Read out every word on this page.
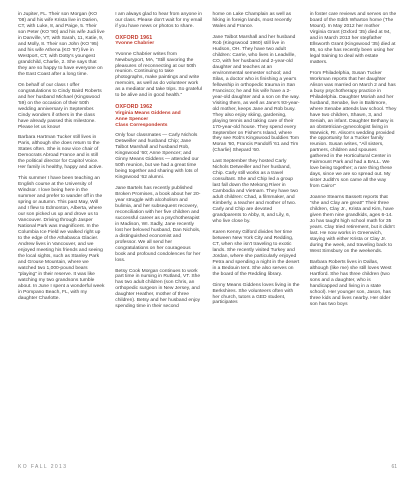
in Jupiter, FL. Their son Morgan (KO '08) and his wife Krista live in Darien, CT, with Luke, 8, and Paige, 5. Their son Peter (KO '90) and his wife Judi live in Danville, VT, with Sarah, 11, Katie, 9, and Molly, 8. Their son John (KO '95) and his wife Athena (KO '97) live in Westport, CT, with Dotty's youngest grandchild, Charlie, 2. She says that they are so happy to have everyone on the East Coast after a long time.

On behalf of our class I offer congratulations to Cindy Baird Roberts and her husband Michael (Kingswood '59) on the occasion of their 50th wedding anniversary in September. Cindy wonders if others in the class have already passed this milestone. Please let us know!

Barbara Hartman Tucker still lives in Paris, although she does return to the States often. She is now vice chair of Democrats Abroad France and is still the political director for Capitol Voice. Her family is healthy, happy and active.

This summer I have been teaching an English course at the University of Windsor. I love being here in the summer and prefer to wander off in the spring or autumn. This past May, Will and I flew to Edmonton, Alberta, where our son picked us up and drove us to Vancouver. Driving through Jasper National Park was magnificent. In the Columbia Ice Field we walked right up to the edge of the Athabasca Glacier. Andrew lives in Vancouver, and we enjoyed meeting his friends and seeing the local sights, such as Stanley Park and Grouse Mountain, where we watched two 1,000-pound bears "playing" in their reserve. It was like watching my two grandsons tumble about. In June I spent a wonderful week in Pompano Beach, FL, with my daughter Charlotte.

I am always glad to hear from anyone in our class. Please don't wait for my email if you have news or photos to share.

OXFORD 1961
Yvonne Chabrier

Yvonne Chabrier writes from Newburyport, MA, "Still savoring the pleasures of reconnecting at our 50th reunion. Continuing to take photographs, make paintings and write memoirs, as well as do volunteer work as a mediator and take trips. So grateful to be alive and in good health."

OXFORD 1962
Virginia Means Giddens and
Anne Spencer
Class Correspondents

Only four classmates — Carly Nichols Detweiller and husband Chip; Jane Talbot Marshall and husband Rob, Kingswood '60; Anne Spencer; and Ginny Means Giddens — attended our 50th reunion, but we had a great time being together and sharing with lots of Kingswood '62 alumni.

Jane Bartels has recently published Broken Promises, a book about her 20-year struggle with alcoholism and bulimia, and her subsequent recovery, reconciliation with her five children and successful career as a psychotherapist in Madison, WI. Sadly, Jane recently lost her beloved husband, Dan Nichols, a distinguished economist and professor. We all send her congratulations on her courageous book and profound condolences for her loss.

Betsy Cook Morgan continues to work part time in nursing in Rutland, VT. She has two adult children (son Chris, an orthopedic surgeon in New Jersey, and daughter Heather, mother of three children). Betsy and her husband enjoy spending time in their second

home on Lake Champlain as well as hiking in foreign lands, most recently Wales and France.

Jane Talbot Marshall and her husband Rob (Kingswood 1960) still live in Hudson, OH. They have two adult children: Carrie, who lives in Leadville, CO, with her husband and 2-year-old daughter and teaches at an environmental semester school; and Silas, a doctor who is finishing a year's fellowship in orthopedic trauma in San Francisco; he and his wife have a 2-year-old daughter and a son on the way. Visiting them, as well as Jane's 93-year-old mother, keeps Jane and Rob busy. They also enjoy skiing, gardening, playing tennis and taking care of their 170-year-old house. They spend every September on Fisher's Island, where they see Rob's Kingswood buddies Tom Moran '60, Francis Pandolfi '61 and Tim (Charlie) Shepard '60.

Last September they hosted Carly Nichols Detweiller and her husband, Chip. Carly still works as a travel consultant. She and Chip led a group last fall down the Mekong River in Cambodia and Vietnam. They have two adult children: Chad, a filmmaker, and Kimberly, a teacher and mother of two. Carly and Chip are devoted grandparents to Abby, 8, and Lily, 6, who live close by.

Karen Kenny Gilford divides her time between New York City and Redding, CT, when she isn't traveling to exotic lands. She recently visited Turkey and Jordan, where she particularly enjoyed Petra and spending a night in the desert in a Bedouin tent. She also serves on the board of the Redding library.

Ginny Means Giddens loves living in the Berkshires. She volunteers often with her church, tutors a GED student, participates

in foster care reviews and serves on the board of the Edith Wharton home (The Mount). In May 2012 her mother Virginia Grant (Oxford '35) died at 94, and in March 2013 her stepfather Ellsworth Grant (Kingswood '35) died at 95, so she has recently been using her legal training to deal with estate matters.

From Philadelphia, Susan Tucker Workman reports that her daughter Alison was married on March 2 and has a busy psychotherapy practice in Philadelphia. Daughter Moriah and her husband, Senabe, live in Baltimore, where Senabe attends law school. They have two children, Shawn, 3, and Seniah, an infant. Daughter Bethany is an obstetrician-gynecologist living in Warwick, RI. Alison's wedding provided the opportunity for a Tucker family reunion. Susan writes, "All sisters, partners, children and spouses gathered in the Horticultural Center in Fairmount Park and had a BALL. We love being together; a rare thing these days, since we are so spread out. My sister Judith's son came all the way from Cairo!"

Joanne Stearns Bassett reports that "she and Clay are great!" Their three children, Clay Jr., Krista and Kim, have given them nine grandkids, ages 6-14. Jo has taught high school math for 35 years. Clay tried retirement, but it didn't last. He now works in Greenwich, staying with either Krista or Clay Jr. during the week, and traveling back to West Simsbury on the weekends.

Barbara Roberts lives in Dallas, although (like me) she still loves West Hartford. She has three children (two sons and a daughter, who is handicapped and living in a state school). Her younger son, Jason, has three kids and lives nearby. Her older son has two boys

KO FALL 2013	61
